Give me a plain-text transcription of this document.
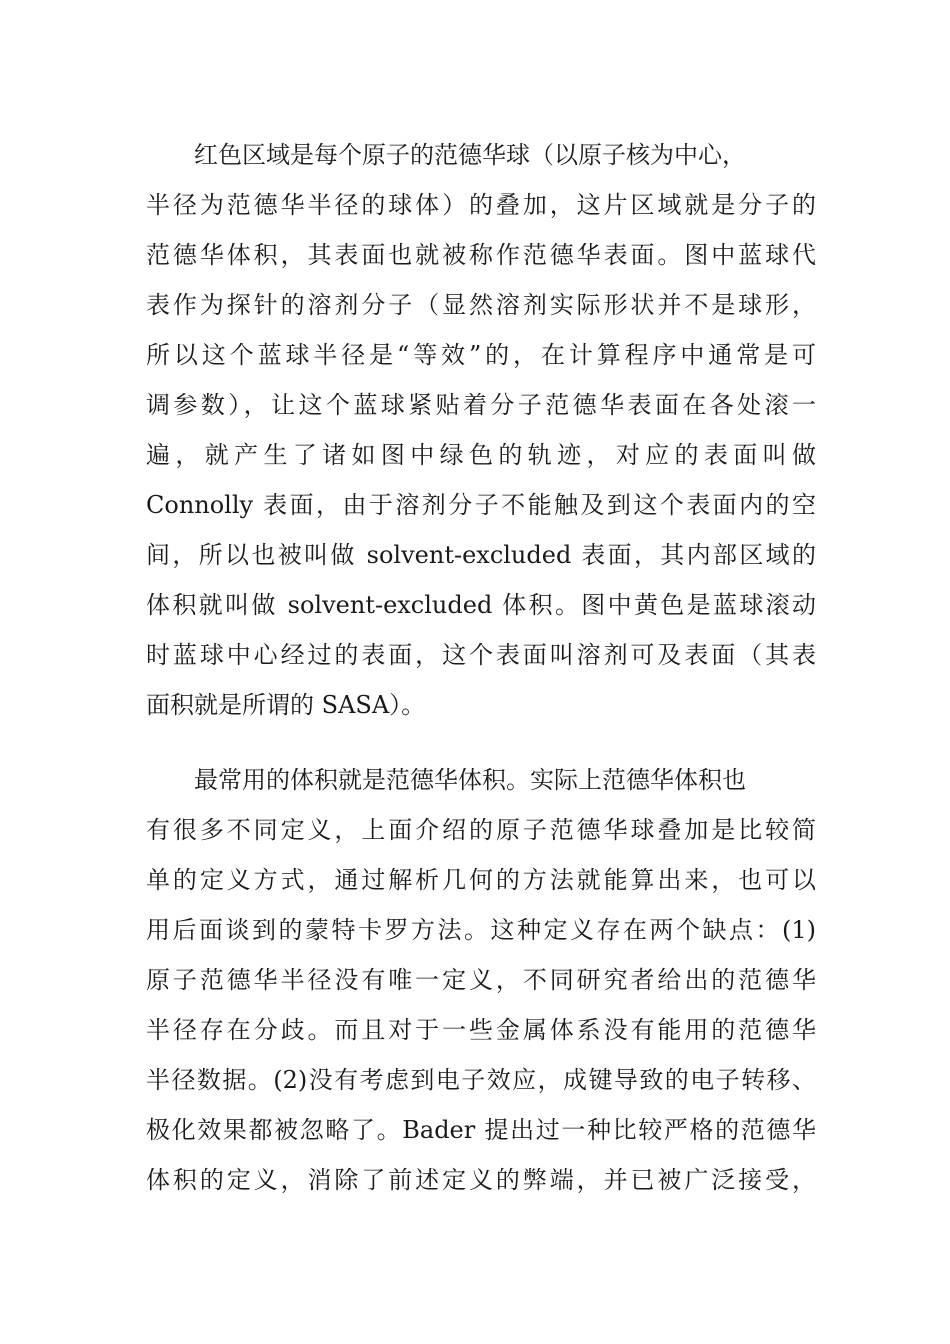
红色区域是每个原子的范德华球（以原子核为中心，
半径为范德华半径的球体）的叠加，这片区域就是分子的
范德华体积，其表面也就被称作范德华表面。图中蓝球代
表作为探针的溶剂分子（显然溶剂实际形状并不是球形，
所以这个蓝球半径是“等效”的，在计算程序中通常是可
调参数），让这个蓝球紧贴着分子范德华表面在各处滚一
遍，就产生了诸如图中绿色的轨迹，对应的表面叫做
Connolly 表面，由于溶剂分子不能触及到这个表面内的空
间，所以也被叫做 solvent-excluded 表面，其内部区域的
体积就叫做 solvent-excluded 体积。图中黄色是蓝球滚动
时蓝球中心经过的表面，这个表面叫溶剂可及表面（其表
面积就是所谓的 SASA）。
最常用的体积就是范德华体积。实际上范德华体积也
有很多不同定义，上面介绍的原子范德华球叠加是比较简
单的定义方式，通过解析几何的方法就能算出来，也可以
用后面谈到的蒙特卡罗方法。这种定义存在两个缺点：(1)
原子范德华半径没有唯一定义，不同研究者给出的范德华
半径存在分歧。而且对于一些金属体系没有能用的范德华
半径数据。(2)没有考虑到电子效应，成键导致的电子转移、
极化效果都被忽略了。Bader 提出过一种比较严格的范德华
体积的定义，消除了前述定义的弊端，并已被广泛接受，
